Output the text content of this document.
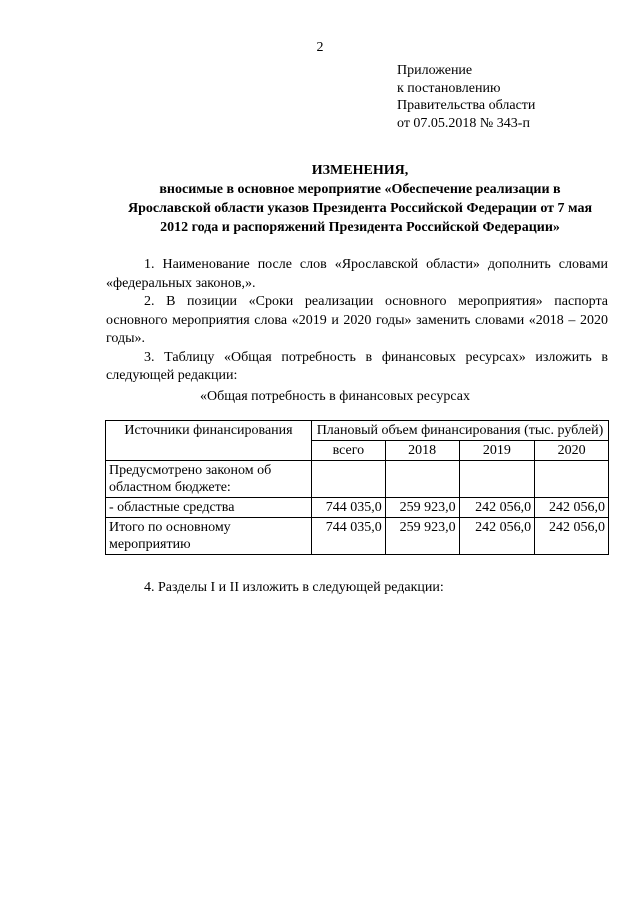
2
Приложение
к постановлению
Правительства области
от 07.05.2018 № 343-п
ИЗМЕНЕНИЯ,
вносимые в основное мероприятие «Обеспечение реализации в
Ярославской области указов Президента Российской Федерации от 7 мая
2012 года и распоряжений Президента Российской Федерации»

1. Наименование после слов «Ярославской области» дополнить словами «федеральных законов,».

2. В позиции «Сроки реализации основного мероприятия» паспорта основного мероприятия слова «2019 и 2020 годы» заменить словами «2018 – 2020 годы».

3. Таблицу «Общая потребность в финансовых ресурсах» изложить в следующей редакции:

«Общая потребность в финансовых ресурсах
Источники финансирования	Плановый объем финансирования (тыс. рублей)			
	всего	2018	2019	2020
Предусмотрено законом об областном бюджете:				
- областные средства	744 035,0	259 923,0	242 056,0	242 056,0
Итого по основному мероприятию	744 035,0	259 923,0	242 056,0	242 056,0
4. Разделы I и II изложить в следующей редакции:
